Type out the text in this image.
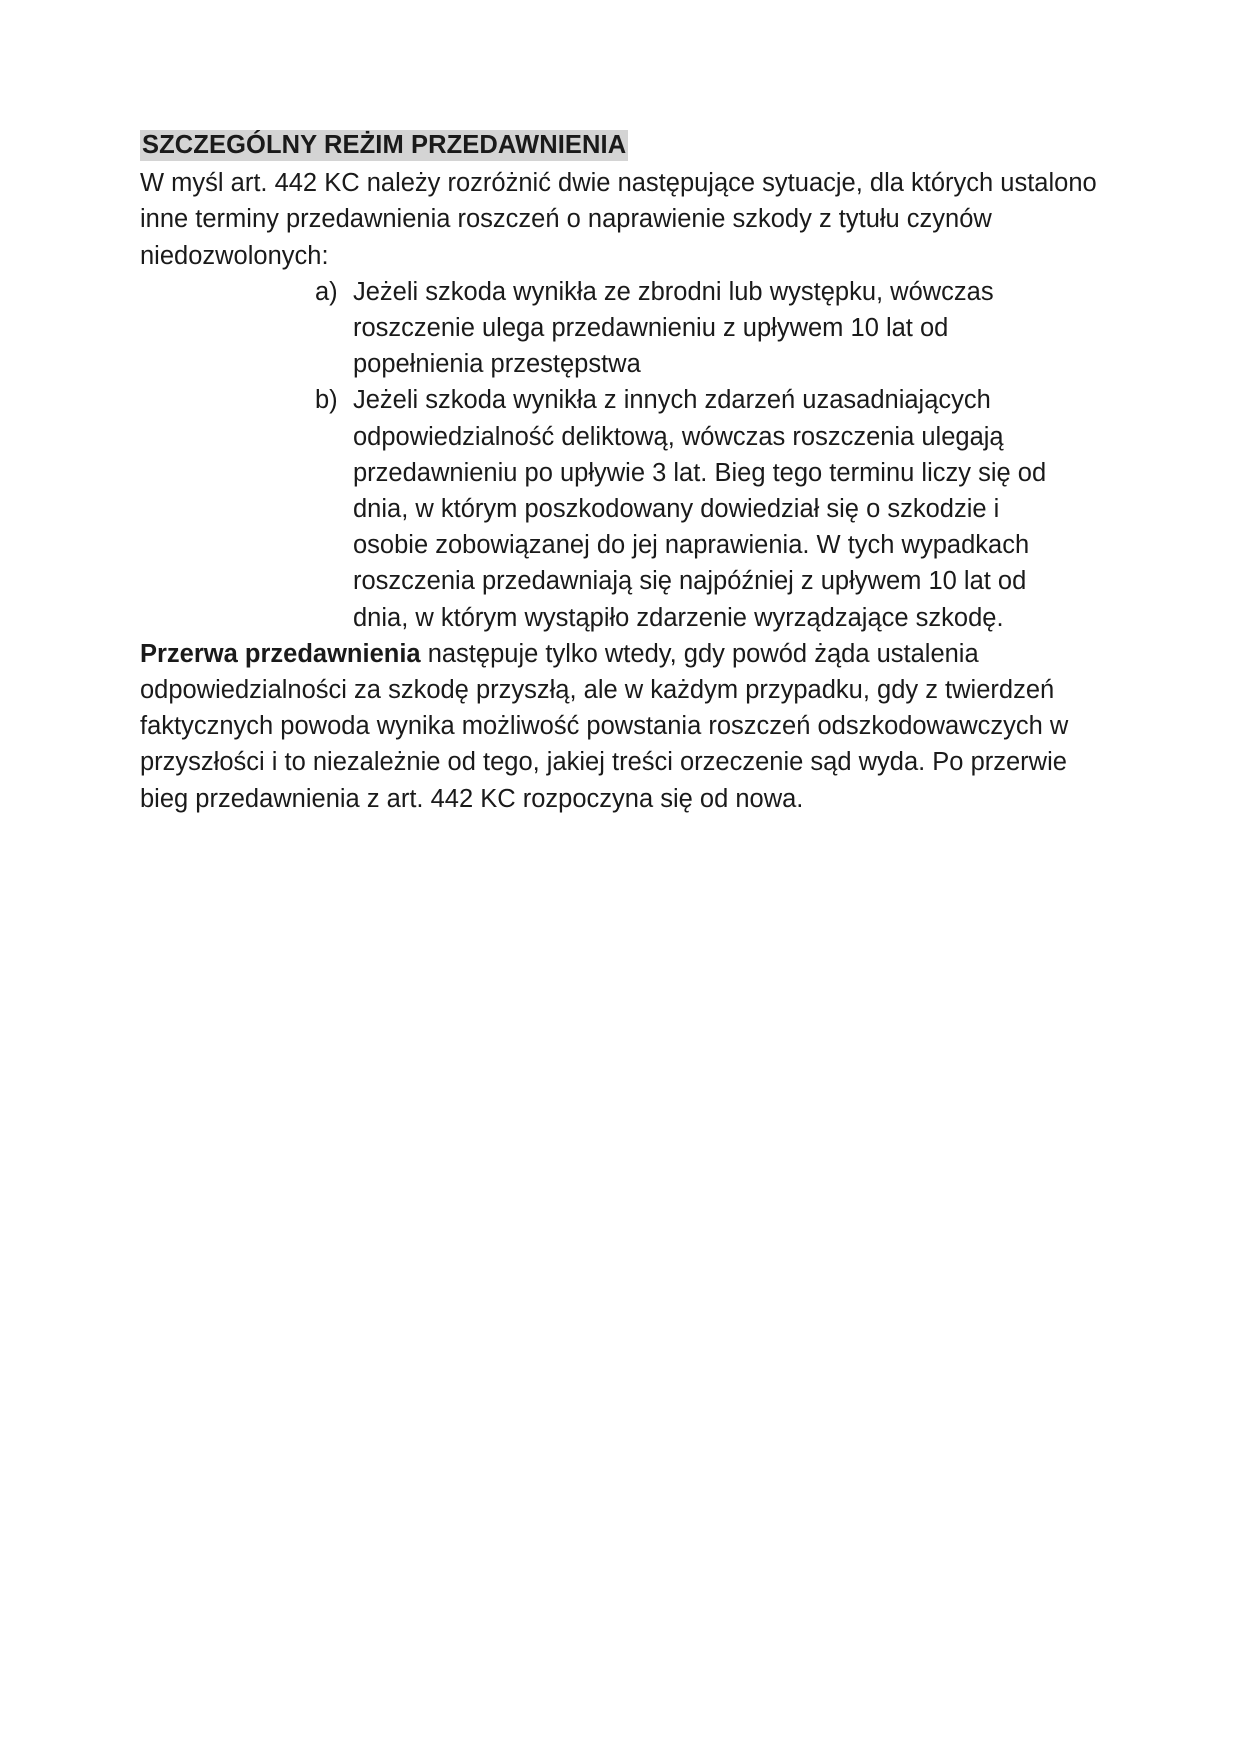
SZCZEGÓLNY REŻIM PRZEDAWNIENIA

W myśl art. 442 KC należy rozróżnić dwie następujące sytuacje, dla których ustalono inne terminy przedawnienia roszczeń o naprawienie szkody z tytułu czynów niedozwolonych:

a) Jeżeli szkoda wynikła ze zbrodni lub występku, wówczas roszczenie ulega przedawnieniu z upływem 10 lat od popełnienia przestępstwa
b) Jeżeli szkoda wynikła z innych zdarzeń uzasadniających odpowiedzialność deliktową, wówczas roszczenia ulegają przedawnieniu po upływie 3 lat. Bieg tego terminu liczy się od dnia, w którym poszkodowany dowiedział się o szkodzie i osobie zobowiązanej do jej naprawienia. W tych wypadkach roszczenia przedawniają się najpóźniej z upływem 10 lat od dnia, w którym wystąpiło zdarzenie wyrządzające szkodę.

Przerwa przedawnienia następuje tylko wtedy, gdy powód żąda ustalenia odpowiedzialności za szkodę przyszłą, ale w każdym przypadku, gdy z twierdzeń faktycznych powoda wynika możliwość powstania roszczeń odszkodowawczych w przyszłości i to niezależnie od tego, jakiej treści orzeczenie sąd wyda. Po przerwie bieg przedawnienia z art. 442 KC rozpoczyna się od nowa.
